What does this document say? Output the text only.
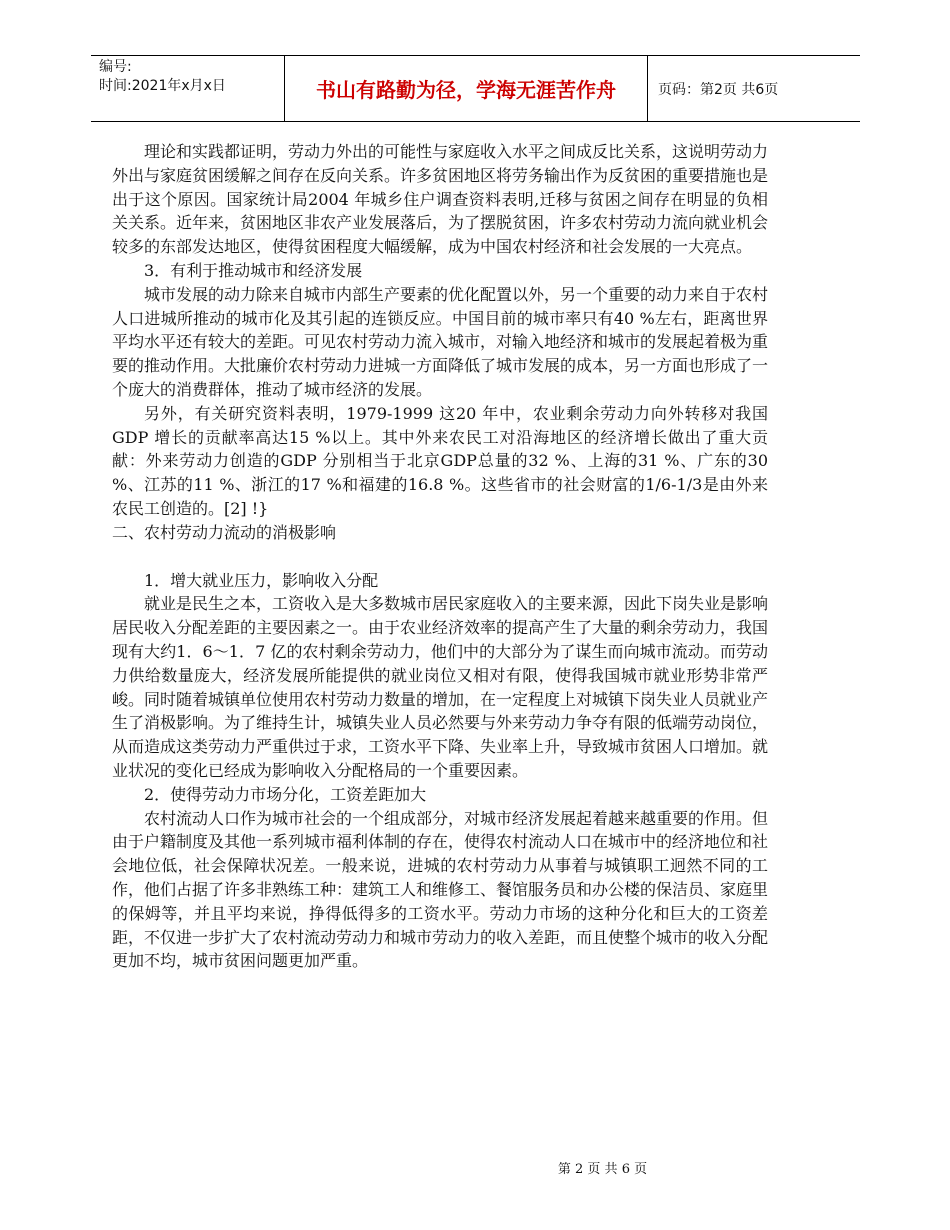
编号:
时间:2021年x月x日	书山有路勤为径，学海无涯苦作舟	页码：第2页 共6页

理论和实践都证明，劳动力外出的可能性与家庭收入水平之间成反比关系，这说明劳动力外出与家庭贫困缓解之间存在反向关系。许多贫困地区将劳务输出作为反贫困的重要措施也是出于这个原因。国家统计局2004 年城乡住户调查资料表明,迁移与贫困之间存在明显的负相关关系。近年来，贫困地区非农产业发展落后，为了摆脱贫困，许多农村劳动力流向就业机会较多的东部发达地区，使得贫困程度大幅缓解，成为中国农村经济和社会发展的一大亮点。

3．有利于推动城市和经济发展

城市发展的动力除来自城市内部生产要素的优化配置以外，另一个重要的动力来自于农村人口进城所推动的城市化及其引起的连锁反应。中国目前的城市率只有40 %左右，距离世界平均水平还有较大的差距。可见农村劳动力流入城市，对输入地经济和城市的发展起着极为重要的推动作用。大批廉价农村劳动力进城一方面降低了城市发展的成本，另一方面也形成了一个庞大的消费群体，推动了城市经济的发展。

另外，有关研究资料表明，1979-1999 这20 年中，农业剩余劳动力向外转移对我国GDP 增长的贡献率高达15 %以上。其中外来农民工对沿海地区的经济增长做出了重大贡献：外来劳动力创造的GDP 分别相当于北京GDP总量的32 %、上海的31 %、广东的30 %、江苏的11 %、浙江的17 %和福建的16.8 %。这些省市的社会财富的1/6-1/3是由外来农民工创造的。[2] !}

二、农村劳动力流动的消极影响

1．增大就业压力，影响收入分配

就业是民生之本，工资收入是大多数城市居民家庭收入的主要来源，因此下岗失业是影响居民收入分配差距的主要因素之一。由于农业经济效率的提高产生了大量的剩余劳动力，我国现有大约1．6～1．7 亿的农村剩余劳动力，他们中的大部分为了谋生而向城市流动。而劳动力供给数量庞大，经济发展所能提供的就业岗位又相对有限，使得我国城市就业形势非常严峻。同时随着城镇单位使用农村劳动力数量的增加，在一定程度上对城镇下岗失业人员就业产生了消极影响。为了维持生计，城镇失业人员必然要与外来劳动力争夺有限的低端劳动岗位，从而造成这类劳动力严重供过于求，工资水平下降、失业率上升，导致城市贫困人口增加。就业状况的变化已经成为影响收入分配格局的一个重要因素。

2．使得劳动力市场分化，工资差距加大

农村流动人口作为城市社会的一个组成部分，对城市经济发展起着越来越重要的作用。但由于户籍制度及其他一系列城市福利体制的存在，使得农村流动人口在城市中的经济地位和社会地位低，社会保障状况差。一般来说，进城的农村劳动力从事着与城镇职工迥然不同的工作，他们占据了许多非熟练工种：建筑工人和维修工、餐馆服务员和办公楼的保洁员、家庭里的保姆等，并且平均来说，挣得低得多的工资水平。劳动力市场的这种分化和巨大的工资差距，不仅进一步扩大了农村流动劳动力和城市劳动力的收入差距，而且使整个城市的收入分配更加不均，城市贫困问题更加严重。

第 2 页 共 6 页
